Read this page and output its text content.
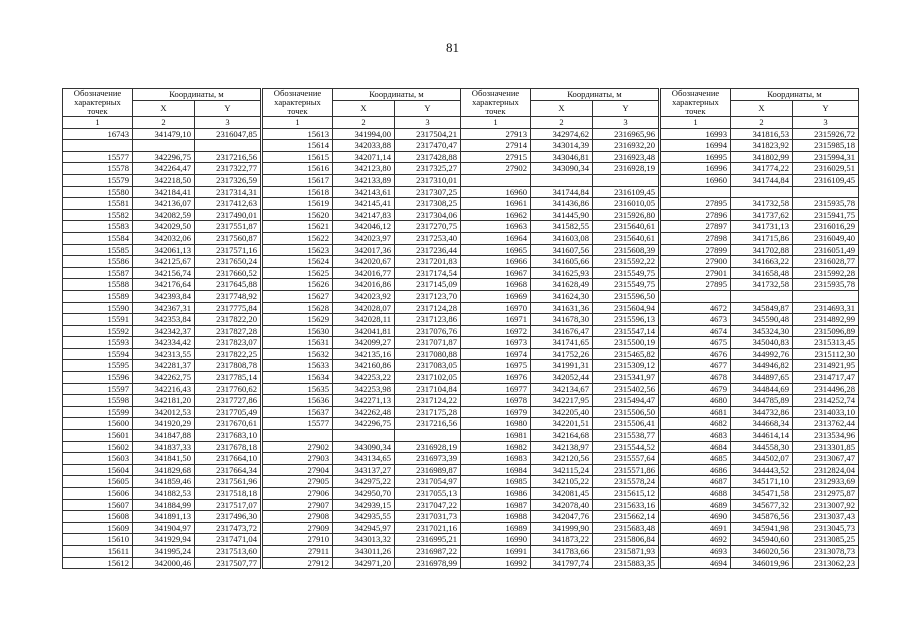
81
Обозначение характерных точек	Координаты, м	
	X	Y
1	2	3
16743	341479,10	2316047,85

15577	342296,75	2317216,56
15578	342264,47	2317322,77
15579	342218,50	2317326,59
15580	342184,41	2317314,31
15581	342136,07	2317412,63
15582	342082,59	2317490,01
15583	342029,50	2317551,87
15584	342032,06	2317560,87
15585	342061,13	2317571,16
15586	342125,67	2317650,24
15587	342156,74	2317660,52
15588	342176,64	2317645,88
15589	342393,84	2317748,92
15590	342367,31	2317775,84
15591	342353,84	2317822,20
15592	342342,37	2317827,28
15593	342334,42	2317823,07
15594	342313,55	2317822,25
15595	342281,37	2317808,78
15596	342262,75	2317785,14
15597	342216,43	2317760,62
15598	342181,20	2317727,86
15599	342012,53	2317705,49
15600	341920,29	2317670,61
15601	341847,88	2317683,10
15602	341837,33	2317678,18
15603	341841,50	2317664,10
15604	341829,68	2317664,34
15605	341859,46	2317561,96
15606	341882,53	2317518,18
15607	341884,99	2317517,07
15608	341891,13	2317496,30
15609	341904,97	2317473,72
15610	341929,94	2317471,04
15611	341995,24	2317513,60
15612	342000,46	2317507,77
Обозначение характерных точек	Координаты, м	
	X	Y
1	2	3
15613	341994,00	2317504,21
15614	342033,88	2317470,47
15615	342071,14	2317428,88
15616	342123,80	2317325,27
15617	342133,89	2317310,01
15618	342143,61	2317307,25
15619	342145,41	2317308,25
15620	342147,83	2317304,06
15621	342046,12	2317270,75
15622	342023,97	2317253,40
15623	342017,36	2317236,44
15624	342020,67	2317201,83
15625	342016,77	2317174,54
15626	342016,86	2317145,09
15627	342023,92	2317123,70
15628	342028,07	2317124,28
15629	342028,11	2317123,86
15630	342041,81	2317076,76
15631	342099,27	2317071,87
15632	342135,16	2317080,88
15633	342160,86	2317083,05
15634	342253,22	2317102,05
15635	342253,98	2317104,84
15636	342271,13	2317124,22
15637	342262,48	2317175,28
15577	342296,75	2317216,56

27902	343090,34	2316928,19
27903	343134,65	2316973,39
27904	343137,27	2316989,87
27905	342975,22	2317054,97
27906	342950,70	2317055,13
27907	342939,15	2317047,22
27908	342935,55	2317031,73
27909	342945,97	2317021,16
27910	343013,32	2316995,21
27911	343011,26	2316987,22
27912	342971,20	2316978,99
Обозначение характерных точек	Координаты, м	
	X	Y
1	2	3
27913	342974,62	2316965,96
27914	343014,39	2316932,20
27915	343046,81	2316923,48
27902	343090,34	2316928,19

16960	341744,84	2316109,45
16961	341436,86	2316010,05
16962	341445,90	2315926,80
16963	341582,55	2315640,61
16964	341603,08	2315640,61
16965	341607,56	2315608,39
16966	341605,66	2315592,22
16967	341625,93	2315549,75
16968	341628,49	2315549,75
16969	341624,30	2315596,50
16970	341631,36	2315604,94
16971	341678,30	2315596,13
16972	341676,47	2315547,14
16973	341741,65	2315500,19
16974	341752,26	2315465,82
16975	341991,31	2315309,12
16976	342052,44	2315341,97
16977	342134,67	2315402,56
16978	342217,95	2315494,47
16979	342205,40	2315506,50
16980	342201,51	2315506,41
16981	342164,68	2315538,77
16982	342138,97	2315544,52
16983	342120,56	2315557,64
16984	342115,24	2315571,86
16985	342105,22	2315578,24
16986	342081,45	2315615,12
16987	342078,40	2315633,16
16988	342047,76	2315662,14
16989	341999,90	2315683,48
16990	341873,22	2315806,84
16991	341783,66	2315871,93
16992	341797,74	2315883,35
Обозначение характерных точек	Координаты, м	
	X	Y
1	2	3
16993	341816,53	2315926,72
16994	341823,92	2315985,18
16995	341802,99	2315994,31
16996	341774,22	2316029,51
16960	341744,84	2316109,45

27895	341732,58	2315935,78
27896	341737,62	2315941,75
27897	341731,13	2316016,29
27898	341715,86	2316049,40
27899	341702,88	2316051,49
27900	341663,22	2316028,77
27901	341658,48	2315992,28
27895	341732,58	2315935,78

4672	345849,87	2314693,31
4673	345590,48	2314892,99
4674	345324,30	2315096,89
4675	345040,83	2315313,45
4676	344992,76	2315112,30
4677	344946,82	2314921,95
4678	344897,65	2314717,47
4679	344844,69	2314496,28
4680	344785,89	2314252,74
4681	344732,86	2314033,10
4682	344668,34	2313762,44
4683	344614,14	2313534,96
4684	344558,30	2313301,85
4685	344502,07	2313067,47
4686	344443,52	2312824,04
4687	345171,10	2312933,69
4688	345471,58	2312975,87
4689	345677,32	2313007,92
4690	345876,56	2313037,43
4691	345941,98	2313045,73
4692	345940,60	2313085,25
4693	346020,56	2313078,73
4694	346019,96	2313062,23
